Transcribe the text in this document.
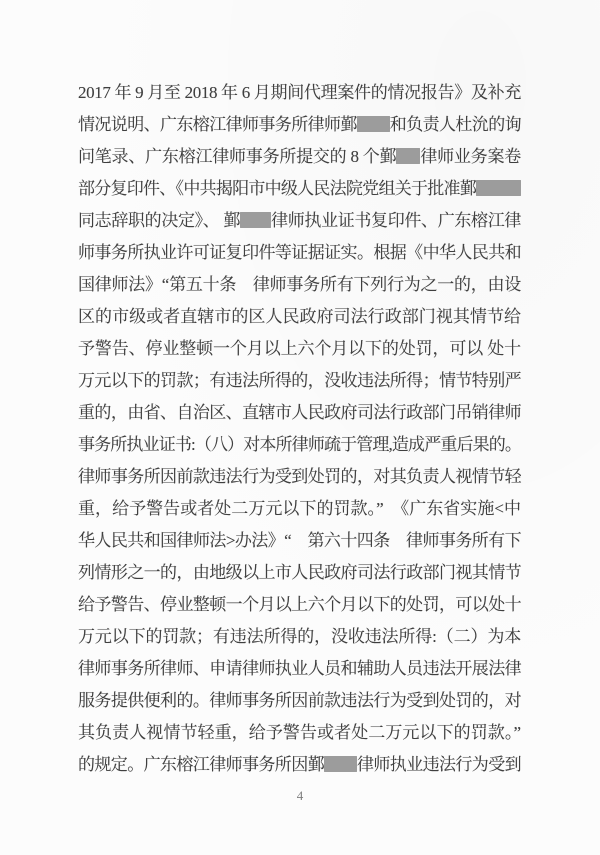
2017 年 9 月至 2018 年 6 月期间代理案件的情况报告》及补充
情况说明、广东榕江律师事务所律师鄞 和负责人杜沇的询
问笔录、广东榕江律师事务所提交的 8 个鄞 律师业务案卷
部分复印件、《中共揭阳市中级人民法院党组关于批准鄞
同志辞职的决定》、 鄞 律师执业证书复印件、广东榕江律
师事务所执业许可证复印件等证据证实。根据《中华人民共和
国律师法》“第五十条　律师事务所有下列行为之一的，由设
区的市级或者直辖市的区人民政府司法行政部门视其情节给
予警告、停业整顿一个月以上六个月以下的处罚，可以 处十
万元以下的罚款；有违法所得的，没收违法所得；情节特别严
重的，由省、自治区、直辖市人民政府司法行政部门吊销律师
事务所执业证书:（八）对本所律师疏于管理,造成严重后果的。
律师事务所因前款违法行为受到处罚的，对其负责人视情节轻
重，给予警告或者处二万元以下的罚款。”　《广东省实施<中
华人民共和国律师法>办法》“　第六十四条　律师事务所有下
列情形之一的，由地级以上市人民政府司法行政部门视其情节
给予警告、停业整顿一个月以上六个月以下的处罚，可以处十
万元以下的罚款；有违法所得的，没收违法所得:（二）为本
律师事务所律师、申请律师执业人员和辅助人员违法开展法律
服务提供便利的。律师事务所因前款违法行为受到处罚的，对
其负责人视情节轻重，给予警告或者处二万元以下的罚款。”
的规定。广东榕江律师事务所因鄞 律师执业违法行为受到
4
